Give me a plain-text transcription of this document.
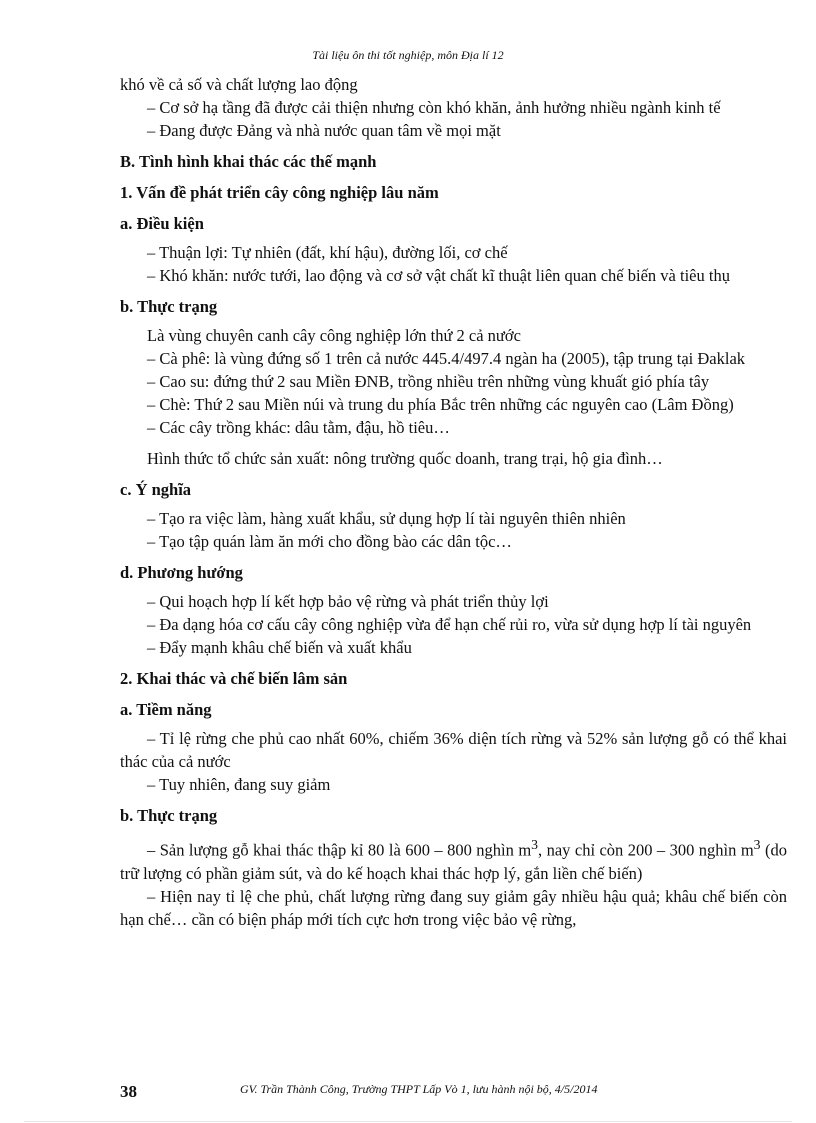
Tài liệu ôn thi tốt nghiệp, môn Địa lí 12

khó về cả số và chất lượng lao động

– Cơ sở hạ tầng đã được cải thiện nhưng còn khó khăn, ảnh hưởng nhiều ngành kinh tế

– Đang được Đảng và nhà nước quan tâm về mọi mặt

B. Tình hình khai thác các thế mạnh

1. Vấn đề phát triển cây công nghiệp lâu năm

a. Điều kiện

– Thuận lợi: Tự nhiên (đất, khí hậu), đường lối, cơ chế

– Khó khăn: nước tưới, lao động và cơ sở vật chất kĩ thuật liên quan chế biến và tiêu thụ

b. Thực trạng

Là vùng chuyên canh cây công nghiệp lớn thứ 2 cả nước

– Cà phê: là vùng đứng số 1 trên cả nước 445.4/497.4 ngàn ha (2005), tập trung tại Đaklak

– Cao su: đứng thứ 2 sau Miền ĐNB, trồng nhiều trên những vùng khuất gió phía tây

– Chè: Thứ 2 sau Miền núi và trung du phía Bắc trên những các nguyên cao (Lâm Đồng)

– Các cây trồng khác: dâu tằm, đậu, hồ tiêu…

Hình thức tổ chức sản xuất: nông trường quốc doanh, trang trại, hộ gia đình…

c. Ý nghĩa

– Tạo ra việc làm, hàng xuất khẩu, sử dụng hợp lí tài nguyên thiên nhiên

– Tạo tập quán làm ăn mới cho đồng bào các dân tộc…

d. Phương hướng

– Qui hoạch hợp lí kết hợp bảo vệ rừng và phát triển thủy lợi

– Đa dạng hóa cơ cấu cây công nghiệp vừa để hạn chế rủi ro, vừa sử dụng hợp lí tài nguyên

– Đẩy mạnh khâu chế biến và xuất khẩu

2. Khai thác và chế biến lâm sản

a. Tiềm năng

– Tỉ lệ rừng che phủ cao nhất 60%, chiếm 36% diện tích rừng và 52% sản lượng gỗ có thể khai thác của cả nước

– Tuy nhiên, đang suy giảm

b. Thực trạng

– Sản lượng gỗ khai thác thập kỉ 80 là 600 – 800 nghìn $m^3$, nay chỉ còn 200 – 300 nghìn $m^3$ (do trữ lượng có phần giảm sút, và do kế hoạch khai thác hợp lý, gắn liền chế biến)

– Hiện nay tỉ lệ che phủ, chất lượng rừng đang suy giảm gây nhiều hậu quả; khâu chế biến còn hạn chế… cần có biện pháp mới tích cực hơn trong việc bảo vệ rừng,

38	GV. Trần Thành Công, Trường THPT Lấp Vò 1, lưu hành nội bộ, 4/5/2014
